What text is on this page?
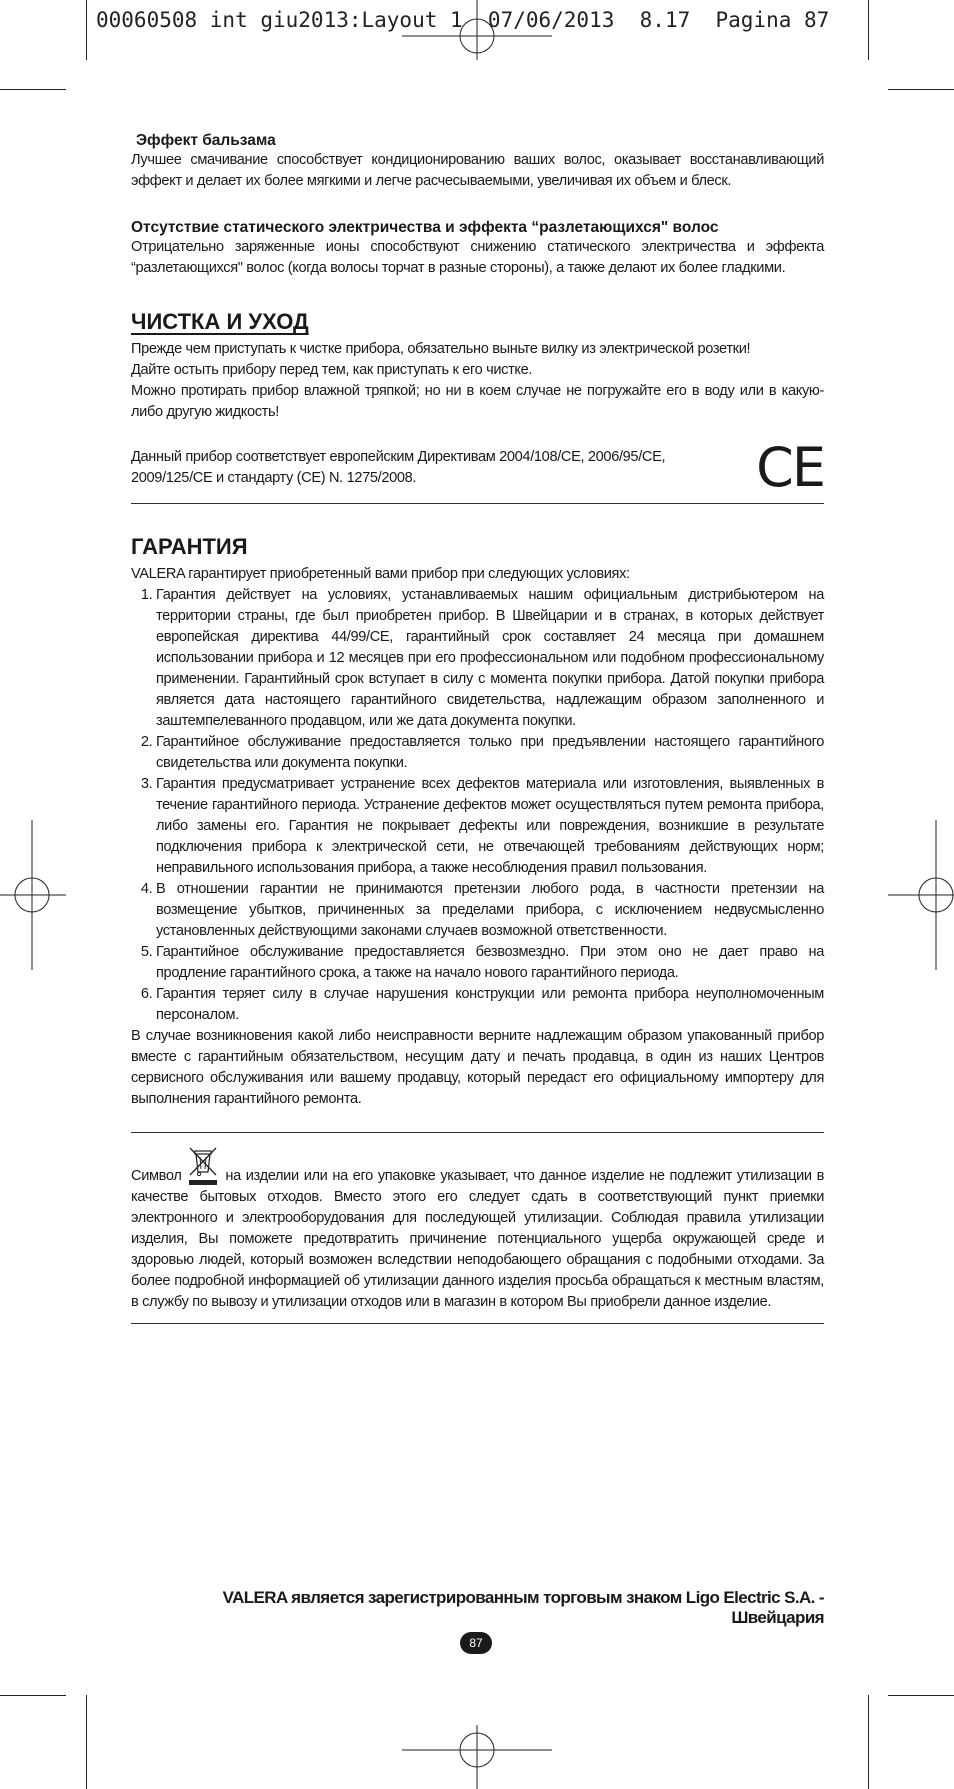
00060508 int giu2013:Layout 1  07/06/2013  8.17  Pagina 87
Эффект бальзама

Лучшее смачивание способствует кондиционированию ваших волос, оказывает восстанавливающий эффект и делает их более мягкими и легче расчесываемыми, увеличивая их объем и блеск.

Отсутствие статического электричества и эффекта “разлетающихся" волос

Отрицательно заряженные ионы способствуют снижению статического электричества и эффекта “разлетающихся" волос (когда волосы торчат в разные стороны), а также делают их более гладкими.

ЧИСТКА И УХОД

Прежде чем приступать к чистке прибора, обязательно выньте вилку из электрической розетки!

Дайте остыть прибору перед тем, как приступать к его чистке.

Можно протирать прибор влажной тряпкой; но ни в коем случае не погружайте его в воду или в какую-либо другую жидкость!

Данный прибор соответствует европейским Директивам 2004/108/CE, 2006/95/CE, 2009/125/CE и стандарту (CE) N. 1275/2008.	CE
ГАРАНТИЯ

VALERA гарантирует приобретенный вами прибор при следующих условиях:

1. Гарантия действует на условиях, устанавливаемых нашим официальным дистрибьютером на территории страны, где был приобретен прибор. В Швейцарии и в странах, в которых действует европейская директива 44/99/CE, гарантийный срок составляет 24 месяца при домашнем использовании прибора и 12 месяцев при его профессиональном или подобном профессиональному применении. Гарантийный срок вступает в силу с момента покупки прибора. Датой покупки прибора является дата настоящего гарантийного свидетельства, надлежащим образом заполненного и заштемпелеванного продавцом, или же дата документа покупки.
2. Гарантийное обслуживание предоставляется только при предъявлении настоящего гарантийного свидетельства или документа покупки.
3. Гарантия предусматривает устранение всех дефектов материала или изготовления, выявленных в течение гарантийного периода. Устранение дефектов может осуществляться путем ремонта прибора, либо замены его. Гарантия не покрывает дефекты или повреждения, возникшие в результате подключения прибора к электрической сети, не отвечающей требованиям действующих норм; неправильного использования прибора, а также несоблюдения правил пользования.
4. В отношении гарантии не принимаются претензии любого рода, в частности претензии на возмещение убытков, причиненных за пределами прибора, с исключением недвусмысленно установленных действующими законами случаев возможной ответственности.
5. Гарантийное обслуживание предоставляется безвозмездно. При этом оно не дает право на продление гарантийного срока, а также на начало нового гарантийного периода.
6. Гарантия теряет силу в случае нарушения конструкции или ремонта прибора неуполномоченным персоналом.

В случае возникновения какой либо неисправности верните надлежащим образом упакованный прибор вместе с гарантийным обязательством, несущим дату и печать продавца, в один из наших Центров сервисного обслуживания или вашему продавцу, который передаст его официальному импортеру для выполнения гарантийного ремонта.

Символ	на изделии или на его упаковке указывает, что данное изделие не подлежит утилизации в качестве бытовых отходов. Вместо этого его следует сдать в соответствующий пункт приемки электронного и электрооборудования для последующей утилизации. Соблюдая правила утилизации изделия, Вы поможете предотвратить причинение потенциального ущерба окружающей среде и здоровью людей, который возможен вследствии неподобающего обращания с подобными отходами. За более подробной информацией об утилизации данного изделия просьба обращаться к местным властям, в службу по вывозу и утилизации отходов или в магазин в котором Вы приобрели данное изделие.

VALERA является зарегистрированным торговым знаком Ligo Electric S.A. - Швейцария
87
